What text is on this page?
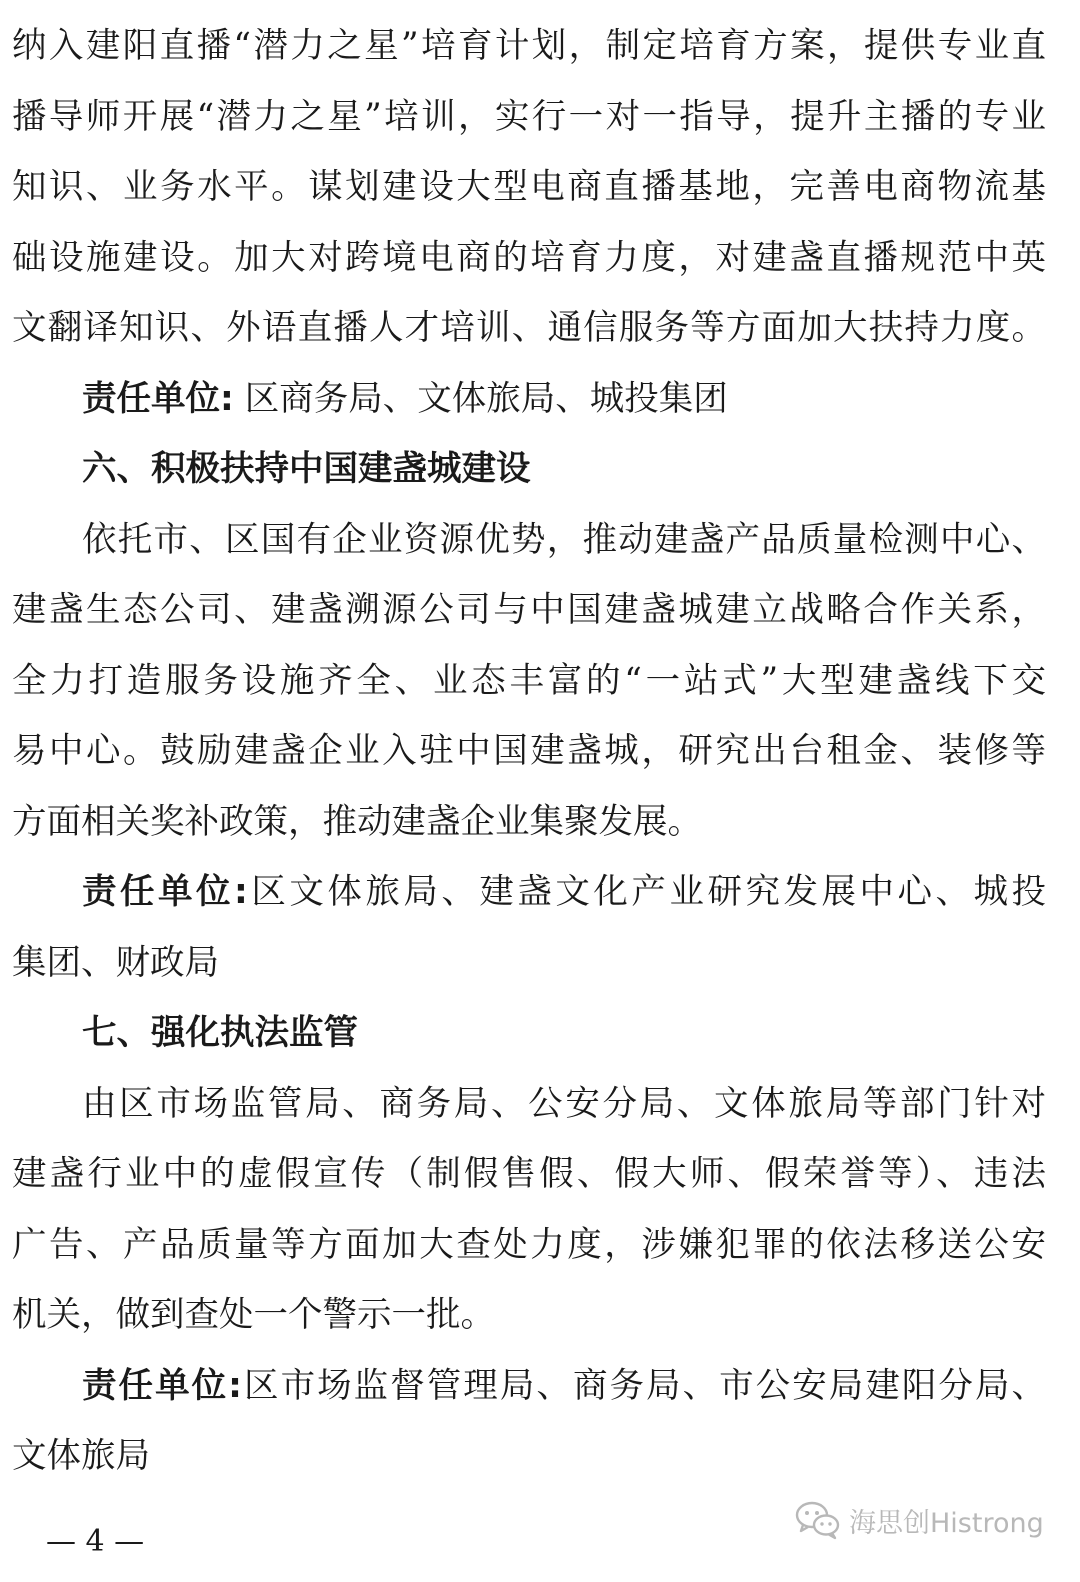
纳入建阳直播“潜力之星”培育计划，制定培育方案，提供专业直
播导师开展“潜力之星”培训，实行一对一指导，提升主播的专业
知识、业务水平。谋划建设大型电商直播基地，完善电商物流基
础设施建设。加大对跨境电商的培育力度，对建盏直播规范中英
文翻译知识、外语直播人才培训、通信服务等方面加大扶持力度。
责任单位: 区商务局、文体旅局、城投集团
六、积极扶持中国建盏城建设
依托市、区国有企业资源优势，推动建盏产品质量检测中心、
建盏生态公司、建盏溯源公司与中国建盏城建立战略合作关系，
全力打造服务设施齐全、业态丰富的“一站式”大型建盏线下交
易中心。鼓励建盏企业入驻中国建盏城，研究出台租金、装修等
方面相关奖补政策，推动建盏企业集聚发展。
责任单位:区文体旅局、建盏文化产业研究发展中心、城投
集团、财政局
七、强化执法监管
由区市场监管局、商务局、公安分局、文体旅局等部门针对
建盏行业中的虚假宣传（制假售假、假大师、假荣誉等）、违法
广告、产品质量等方面加大查处力度，涉嫌犯罪的依法移送公安
机关，做到查处一个警示一批。
责任单位:区市场监督管理局、商务局、市公安局建阳分局、
文体旅局
— 4 —
海思创Histrong
